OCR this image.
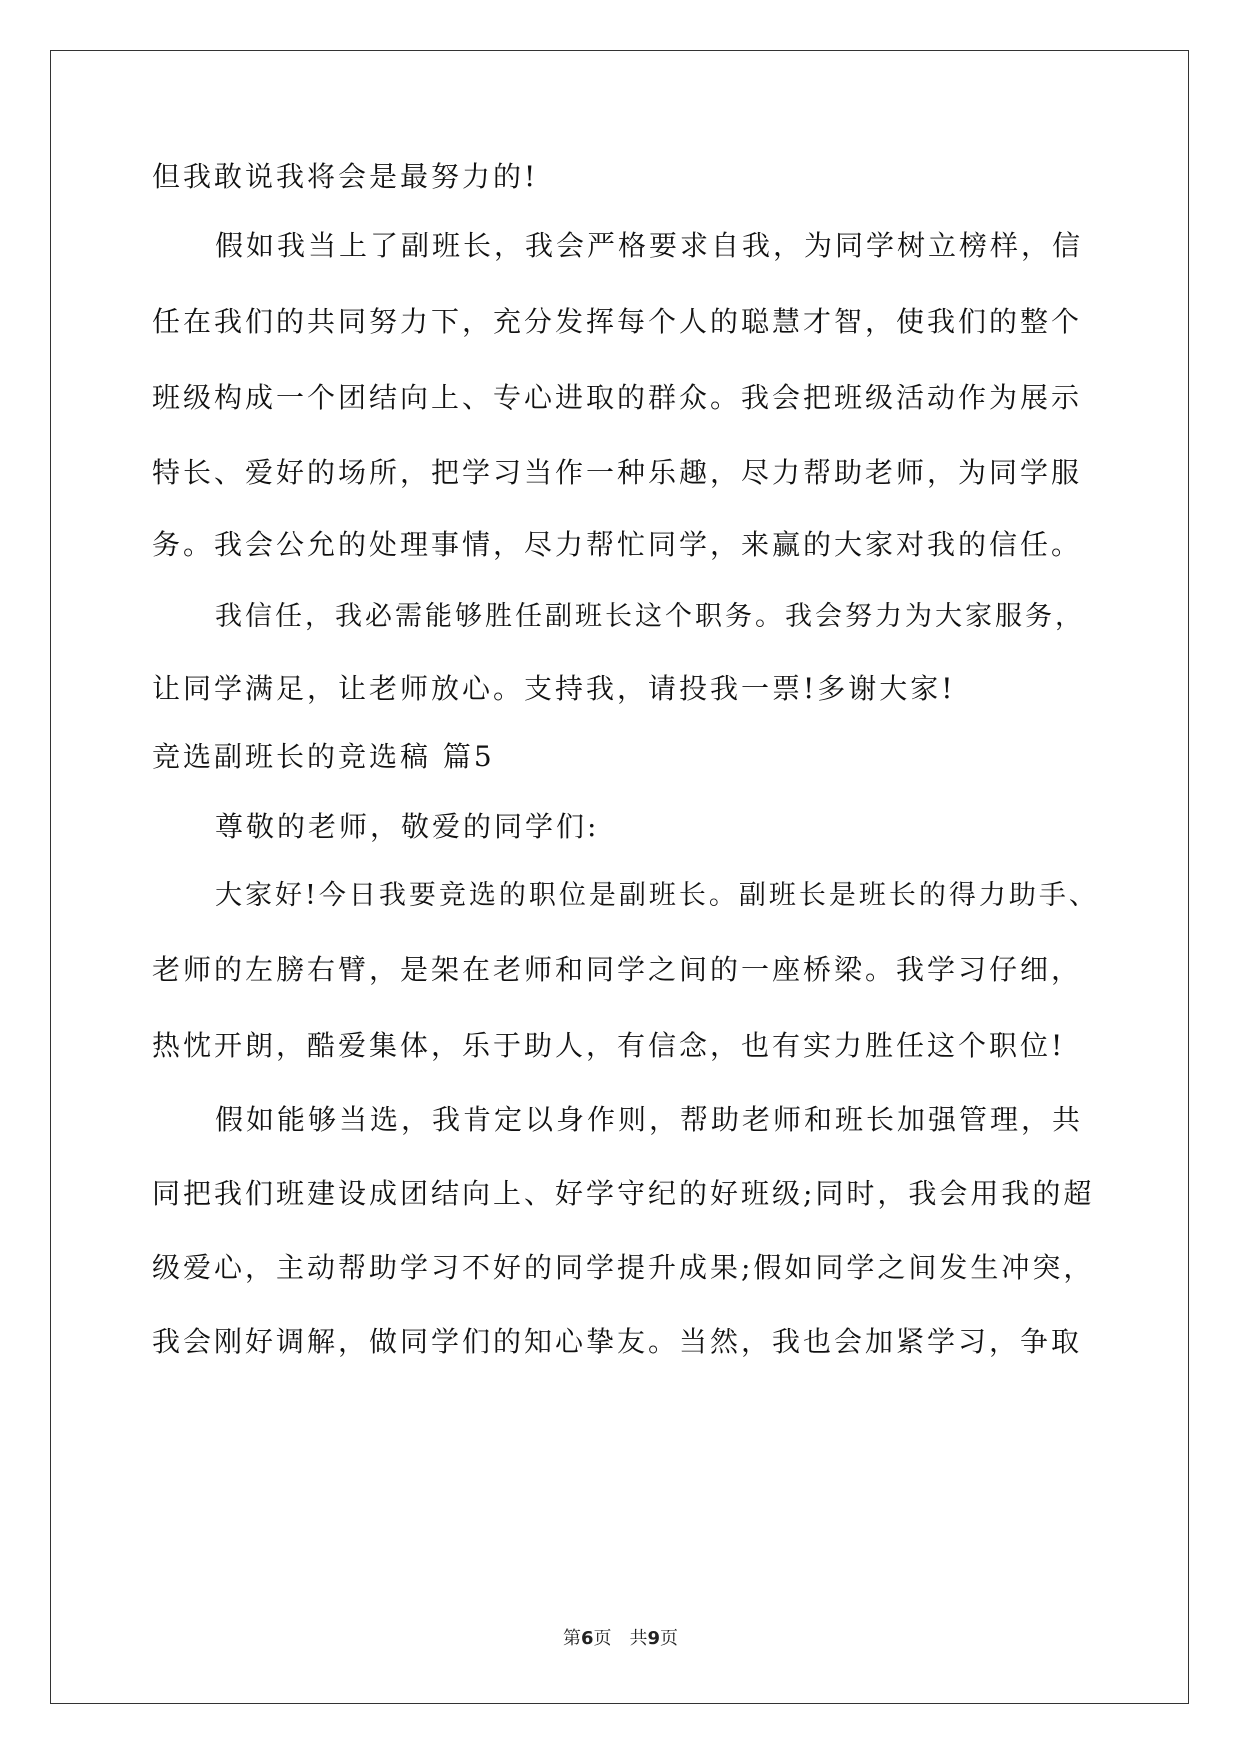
但我敢说我将会是最努力的!
假如我当上了副班长，我会严格要求自我，为同学树立榜样，信
任在我们的共同努力下，充分发挥每个人的聪慧才智，使我们的整个
班级构成一个团结向上、专心进取的群众。我会把班级活动作为展示
特长、爱好的场所，把学习当作一种乐趣，尽力帮助老师，为同学服
务。我会公允的处理事情，尽力帮忙同学，来赢的大家对我的信任。
我信任，我必需能够胜任副班长这个职务。我会努力为大家服务，
让同学满足，让老师放心。支持我，请投我一票!多谢大家!
竞选副班长的竞选稿 篇5
尊敬的老师，敬爱的同学们:
大家好!今日我要竞选的职位是副班长。副班长是班长的得力助手、
老师的左膀右臂，是架在老师和同学之间的一座桥梁。我学习仔细，
热忱开朗，酷爱集体，乐于助人，有信念，也有实力胜任这个职位!
假如能够当选，我肯定以身作则，帮助老师和班长加强管理，共
同把我们班建设成团结向上、好学守纪的好班级;同时，我会用我的超
级爱心，主动帮助学习不好的同学提升成果;假如同学之间发生冲突，
我会刚好调解，做同学们的知心挚友。当然，我也会加紧学习，争取
第6页　共9页
